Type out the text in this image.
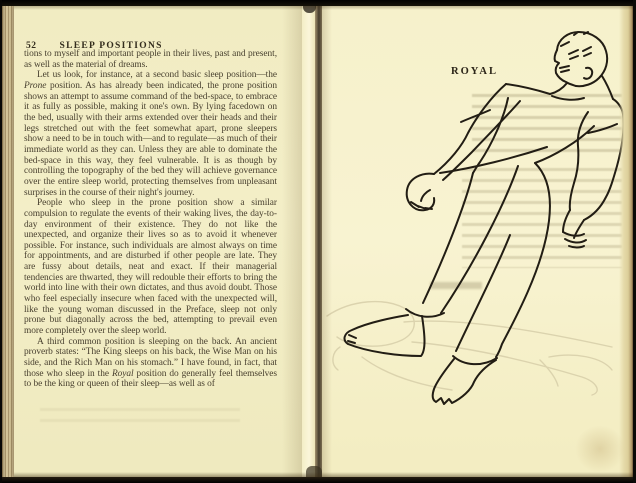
52 SLEEP POSITIONS

tions to myself and important people in their lives, past and present, as well as the material of dreams.

Let us look, for instance, at a second basic sleep position—the Prone position. As has already been indicated, the prone position shows an attempt to assume command of the bed-space, to embrace it as fully as possible, making it one's own. By lying facedown on the bed, usually with their arms extended over their heads and their legs stretched out with the feet somewhat apart, prone sleepers show a need to be in touch with—and to regulate—as much of their immediate world as they can. Unless they are able to dominate the bed-space in this way, they feel vulnerable. It is as though by controlling the topography of the bed they will achieve governance over the entire sleep world, protecting themselves from unpleasant surprises in the course of their night's journey.

People who sleep in the prone position show a similar compulsion to regulate the events of their waking lives, the day-to-day environment of their existence. They do not like the unexpected, and organize their lives so as to avoid it whenever possible. For instance, such individuals are almost always on time for appointments, and are disturbed if other people are late. They are fussy about details, neat and exact. If their managerial tendencies are thwarted, they will redouble their efforts to bring the world into line with their own dictates, and thus avoid doubt. Those who feel especially insecure when faced with the unexpected will, like the young woman discussed in the Preface, sleep not only prone but diagonally across the bed, attempting to prevail even more completely over the sleep world.

A third common position is sleeping on the back. An ancient proverb states: “The King sleeps on his back, the Wise Man on his side, and the Rich Man on his stomach.” I have found, in fact, that those who sleep in the Royal position do generally feel themselves to be the king or queen of their sleep—as well as of

ROYAL
